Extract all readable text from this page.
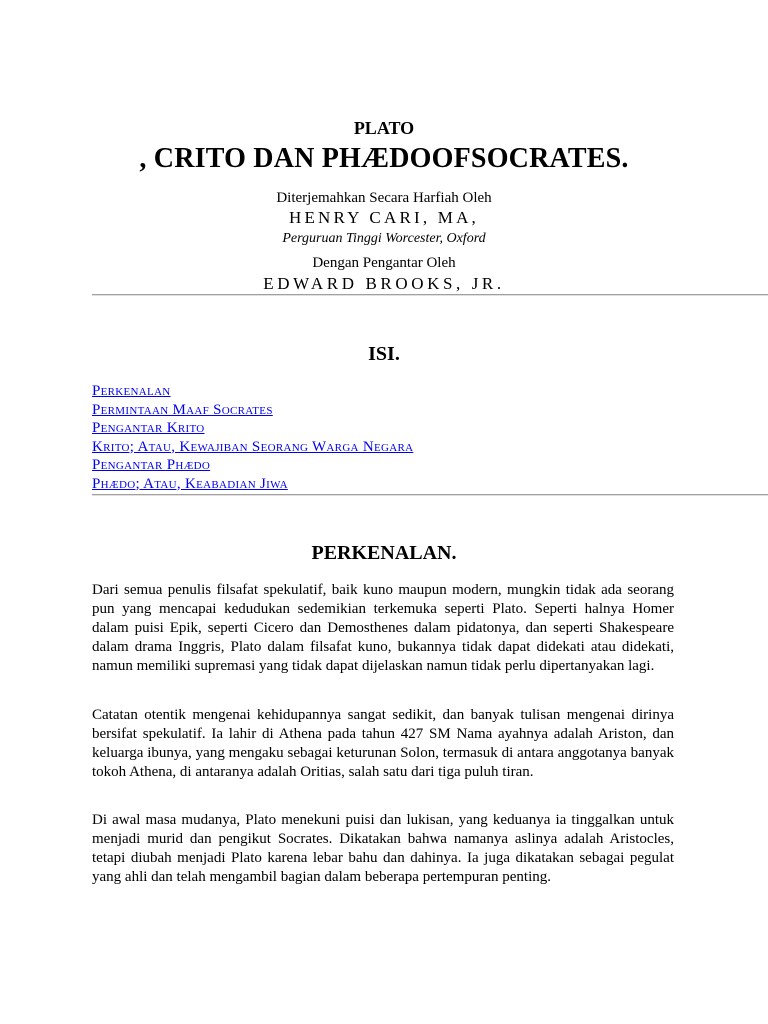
PLATO
, CRITO DAN PHÆDOOFSOCRATES.
Diterjemahkan Secara Harfiah Oleh
HENRY CARI, MA,
Perguruan Tinggi Worcester, Oxford
Dengan Pengantar Oleh
EDWARD BROOKS, JR.
ISI.
Perkenalan
Permintaan Maaf Socrates
Pengantar Krito
Krito; Atau, Kewajiban Seorang Warga Negara
Pengantar Phædo
Phædo; Atau, Keabadian Jiwa
PERKENALAN.

Dari semua penulis filsafat spekulatif, baik kuno maupun modern, mungkin tidak ada seorang pun yang mencapai kedudukan sedemikian terkemuka seperti Plato. Seperti halnya Homer dalam puisi Epik, seperti Cicero dan Demosthenes dalam pidatonya, dan seperti Shakespeare dalam drama Inggris, Plato dalam filsafat kuno, bukannya tidak dapat didekati atau didekati, namun memiliki supremasi yang tidak dapat dijelaskan namun tidak perlu dipertanyakan lagi.

Catatan otentik mengenai kehidupannya sangat sedikit, dan banyak tulisan mengenai dirinya bersifat spekulatif. Ia lahir di Athena pada tahun 427 SM Nama ayahnya adalah Ariston, dan keluarga ibunya, yang mengaku sebagai keturunan Solon, termasuk di antara anggotanya banyak tokoh Athena, di antaranya adalah Oritias, salah satu dari tiga puluh tiran.

Di awal masa mudanya, Plato menekuni puisi dan lukisan, yang keduanya ia tinggalkan untuk menjadi murid dan pengikut Socrates. Dikatakan bahwa namanya aslinya adalah Aristocles, tetapi diubah menjadi Plato karena lebar bahu dan dahinya. Ia juga dikatakan sebagai pegulat yang ahli dan telah mengambil bagian dalam beberapa pertempuran penting.
